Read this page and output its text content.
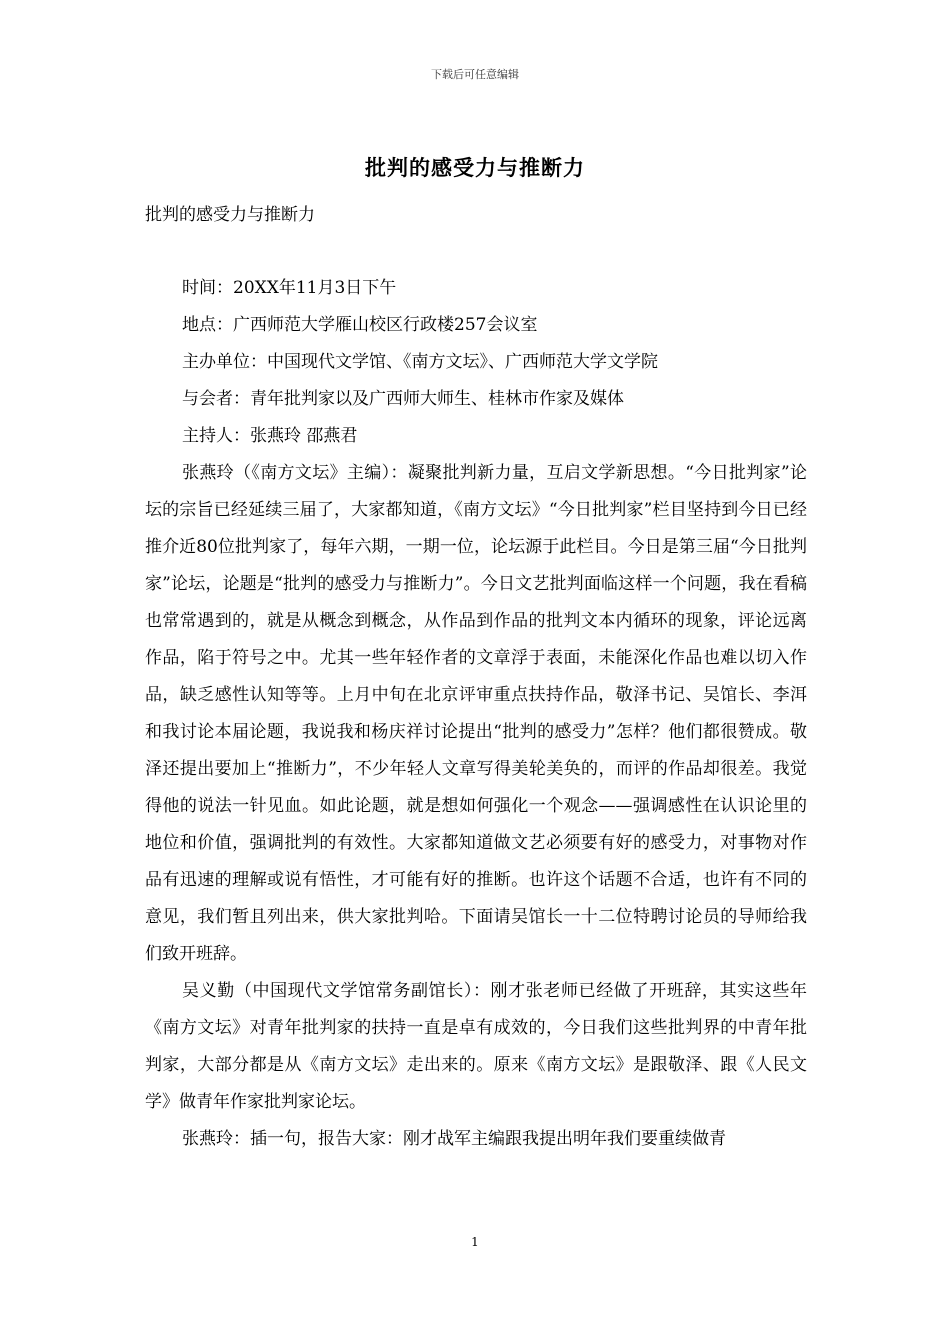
下载后可任意编辑
批判的感受力与推断力
批判的感受力与推断力

时间：20XX年11月3日下午

地点：广西师范大学雁山校区行政楼257会议室

主办单位：中国现代文学馆、《南方文坛》、广西师范大学文学院

与会者：青年批判家以及广西师大师生、桂林市作家及媒体

主持人：张燕玲 邵燕君

张燕玲（《南方文坛》主编）：凝聚批判新力量，互启文学新思想。“今日批判家”论坛的宗旨已经延续三届了，大家都知道，《南方文坛》“今日批判家”栏目坚持到今日已经推介近80位批判家了，每年六期，一期一位，论坛源于此栏目。今日是第三届“今日批判家”论坛，论题是“批判的感受力与推断力”。今日文艺批判面临这样一个问题，我在看稿也常常遇到的，就是从概念到概念，从作品到作品的批判文本内循环的现象，评论远离作品，陷于符号之中。尤其一些年轻作者的文章浮于表面，未能深化作品也难以切入作品，缺乏感性认知等等。上月中旬在北京评审重点扶持作品，敬泽书记、吴馆长、李洱和我讨论本届论题，我说我和杨庆祥讨论提出“批判的感受力”怎样？他们都很赞成。敬泽还提出要加上“推断力”，不少年轻人文章写得美轮美奂的，而评的作品却很差。我觉得他的说法一针见血。如此论题，就是想如何强化一个观念——强调感性在认识论里的地位和价值，强调批判的有效性。大家都知道做文艺必须要有好的感受力，对事物对作品有迅速的理解或说有悟性，才可能有好的推断。也许这个话题不合适，也许有不同的意见，我们暂且列出来，供大家批判哈。下面请吴馆长一十二位特聘讨论员的导师给我们致开班辞。

吴义勤（中国现代文学馆常务副馆长）：刚才张老师已经做了开班辞，其实这些年《南方文坛》对青年批判家的扶持一直是卓有成效的，今日我们这些批判界的中青年批判家，大部分都是从《南方文坛》走出来的。原来《南方文坛》是跟敬泽、跟《人民文学》做青年作家批判家论坛。

张燕玲：插一句，报告大家：刚才战军主编跟我提出明年我们要重续做青

1
